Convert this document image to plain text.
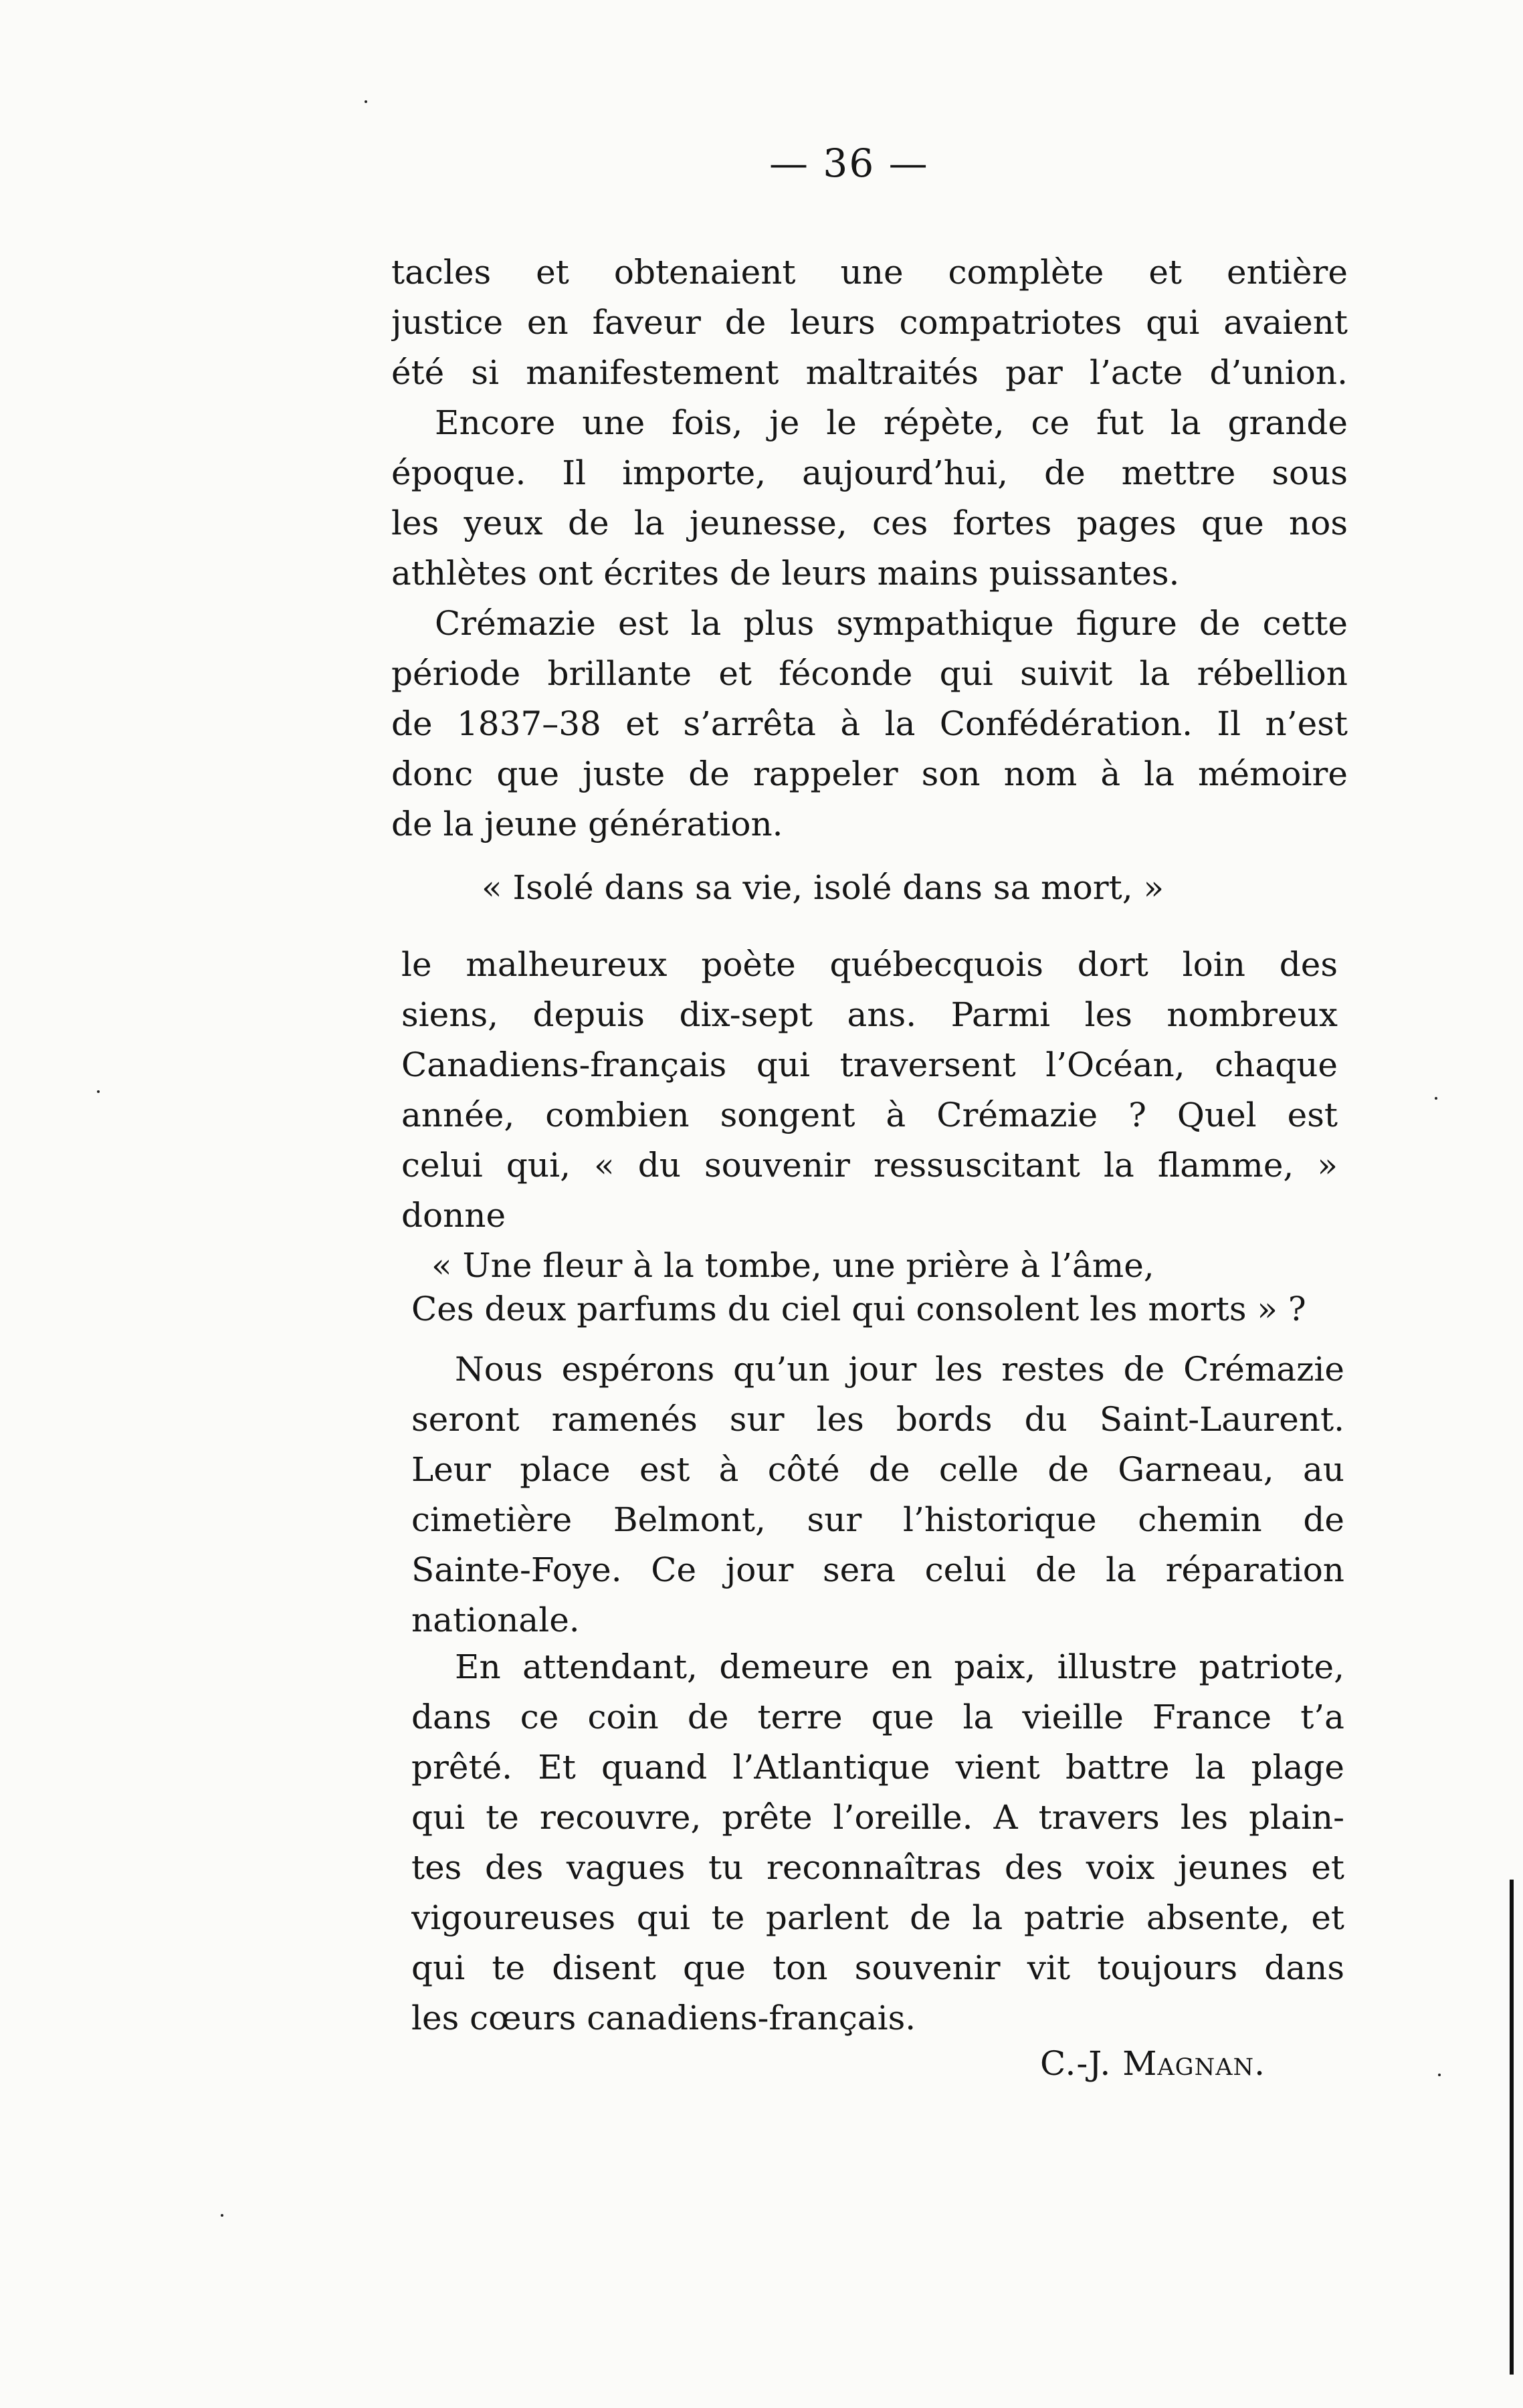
— 36 —
tacles et obtenaient une complète et entière
justice en faveur de leurs compatriotes qui avaient
été si manifestement maltraités par l’acte d’union.
Encore une fois, je le répète, ce fut la grande
époque. Il importe, aujourd’hui, de mettre sous
les yeux de la jeunesse, ces fortes pages que nos
athlètes ont écrites de leurs mains puissantes.
Crémazie est la plus sympathique figure de cette
période brillante et féconde qui suivit la rébellion
de 1837–38 et s’arrêta à la Confédération. Il n’est
donc que juste de rappeler son nom à la mémoire
de la jeune génération.
« Isolé dans sa vie, isolé dans sa mort, »
le malheureux poète québecquois dort loin des
siens, depuis dix-sept ans. Parmi les nombreux
Canadiens-français qui traversent l’Océan, chaque
année, combien songent à Crémazie ? Quel est
celui qui, « du souvenir ressuscitant la flamme, »
donne
« Une fleur à la tombe, une prière à l’âme,
Ces deux parfums du ciel qui consolent les morts » ?
Nous espérons qu’un jour les restes de Crémazie
seront ramenés sur les bords du Saint-Laurent.
Leur place est à côté de celle de Garneau, au
cimetière Belmont, sur l’historique chemin de
Sainte-Foye. Ce jour sera celui de la réparation
nationale.
En attendant, demeure en paix, illustre patriote,
dans ce coin de terre que la vieille France t’a
prêté. Et quand l’Atlantique vient battre la plage
qui te recouvre, prête l’oreille. A travers les plain-
tes des vagues tu reconnaîtras des voix jeunes et
vigoureuses qui te parlent de la patrie absente, et
qui te disent que ton souvenir vit toujours dans
les cœurs canadiens-français.
C.-J. Magnan.
